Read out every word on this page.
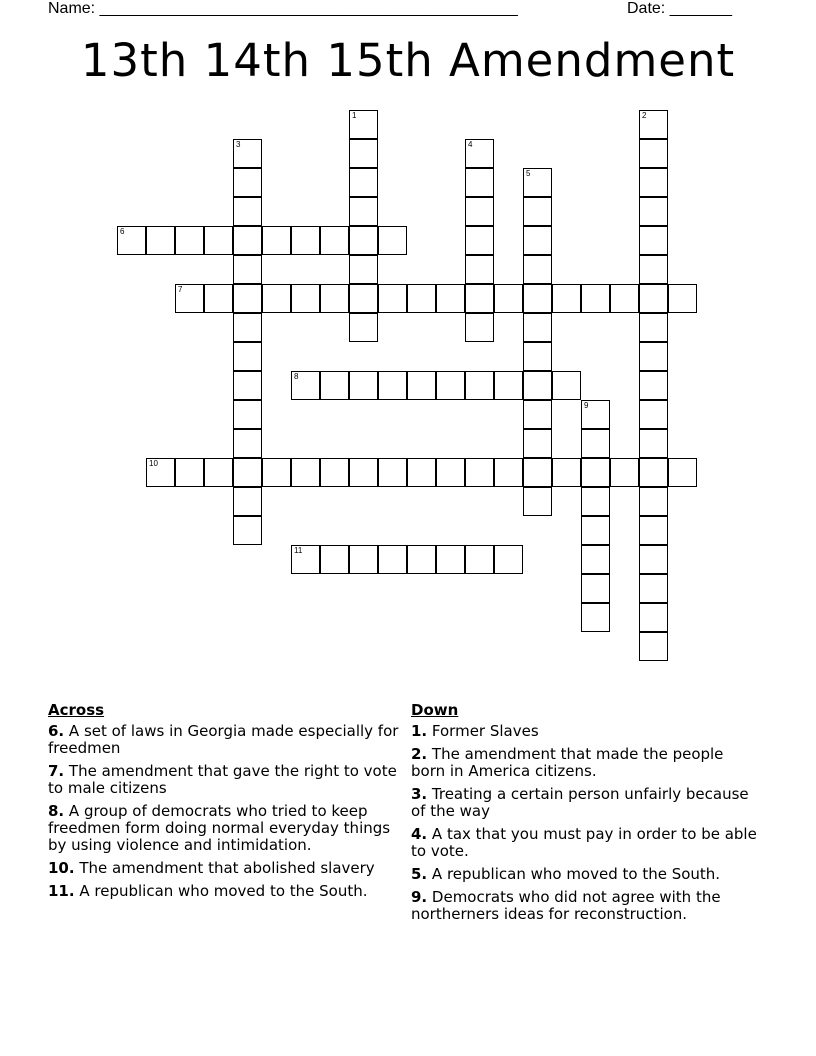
Name: _______________________________________________	Date: _______
13th 14th 15th Amendment
1	2
3	4
5
6
7
8
9
10
11
Across
6. A set of laws in Georgia made especially for freedmen
7. The amendment that gave the right to vote to male citizens
8. A group of democrats who tried to keep freedmen form doing normal everyday things by using violence and intimidation.
10. The amendment that abolished slavery
11. A republican who moved to the South.
Down
1. Former Slaves
2. The amendment that made the people born in America citizens.
3. Treating a certain person unfairly because of the way
4. A tax that you must pay in order to be able to vote.
5. A republican who moved to the South.
9. Democrats who did not agree with the northerners ideas for reconstruction.
